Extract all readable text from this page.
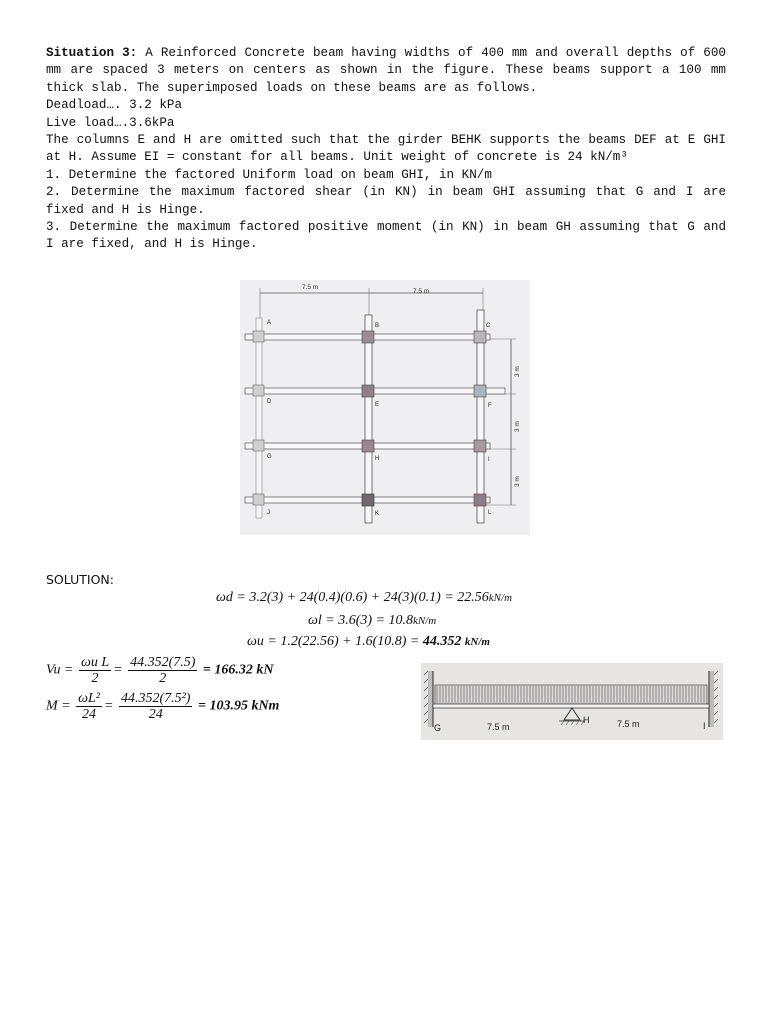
Situation 3: A Reinforced Concrete beam having widths of 400 mm and overall depths of 600 mm are spaced 3 meters on centers as shown in the figure. These beams support a 100 mm thick slab. The superimposed loads on these beams are as follows.

Deadload…. 3.2 kPa

Live load….3.6kPa

The columns E and H are omitted such that the girder BEHK supports the beams DEF at E GHI at H. Assume EI = constant for all beams. Unit weight of concrete is 24 kN/m³

1. Determine the factored Uniform load on beam GHI, in KN/m

2. Determine the maximum factored shear (in KN) in beam GHI assuming that G and I are fixed and H is Hinge.

3. Determine the maximum factored positive moment (in KN) in beam GH assuming that G and I are fixed, and H is Hinge.

7.5 m
7.5 m
3 m
3 m
3 m
A	B	C
D	E	F
G	H	I
J	K	L
SOLUTION:
ωd = 3.2(3) + 24(0.4)(0.6) + 24(3)(0.1) = 22.56kN/m
ωl = 3.6(3) = 10.8kN/m
ωu = 1.2(22.56) + 1.6(10.8) = 44.352 kN/m
$Vu = \frac{\text{ωu L}}{2} = \frac{44.352(7.5)}{2} = 166.32$ kN
$M = \frac{\text{ωL²}}{24} = \frac{\text{44.352(7.5²)}}{24} = 103.95$ kNm
G	7.5 m
H	7.5 m	I
